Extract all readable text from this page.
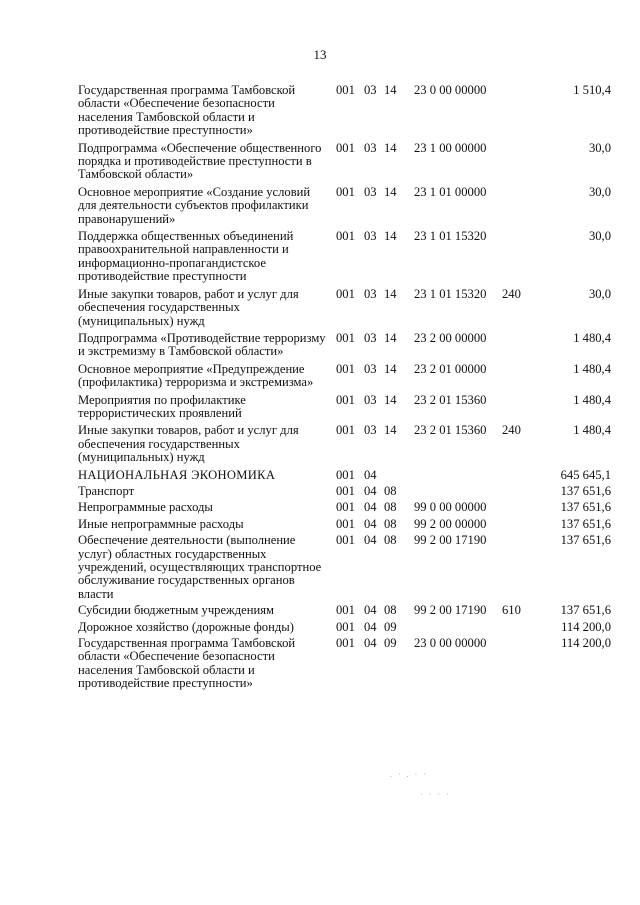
13
Государственная программа Тамбовской области «Обеспечение безопасности населения Тамбовской области и противодействие преступности»	001	03	14	23 0 00 00000		1 510,4
Подпрограмма «Обеспечение общественного порядка и противодействие преступности в Тамбовской области»	001	03	14	23 1 00 00000		30,0
Основное мероприятие «Создание условий для деятельности субъектов профилактики правонарушений»	001	03	14	23 1 01 00000		30,0
Поддержка общественных объединений правоохранительной направленности и информационно-пропагандистское противодействие преступности	001	03	14	23 1 01 15320		30,0
Иные закупки товаров, работ и услуг для обеспечения государственных (муниципальных) нужд	001	03	14	23 1 01 15320	240	30,0
Подпрограмма «Противодействие терроризму и экстремизму в Тамбовской области»	001	03	14	23 2 00 00000		1 480,4
Основное мероприятие «Предупреждение (профилактика) терроризма и экстремизма»	001	03	14	23 2 01 00000		1 480,4
Мероприятия по профилактике террористических проявлений	001	03	14	23 2 01 15360		1 480,4
Иные закупки товаров, работ и услуг для обеспечения государственных (муниципальных) нужд	001	03	14	23 2 01 15360	240	1 480,4
НАЦИОНАЛЬНАЯ ЭКОНОМИКА	001	04				645 645,1
Транспорт	001	04	08			137 651,6
Непрограммные расходы	001	04	08	99 0 00 00000		137 651,6
Иные непрограммные расходы	001	04	08	99 2 00 00000		137 651,6
Обеспечение деятельности (выполнение услуг) областных государственных учреждений, осуществляющих транспортное обслуживание государственных органов власти	001	04	08	99 2 00 17190		137 651,6
Субсидии бюджетным учреждениям	001	04	08	99 2 00 17190	610	137 651,6
Дорожное хозяйство (дорожные фонды)	001	04	09			114 200,0
Государственная программа Тамбовской области «Обеспечение безопасности населения Тамбовской области и противодействие преступности»	001	04	09	23 0 00 00000		114 200,0
. · . · ·
· · · ·
